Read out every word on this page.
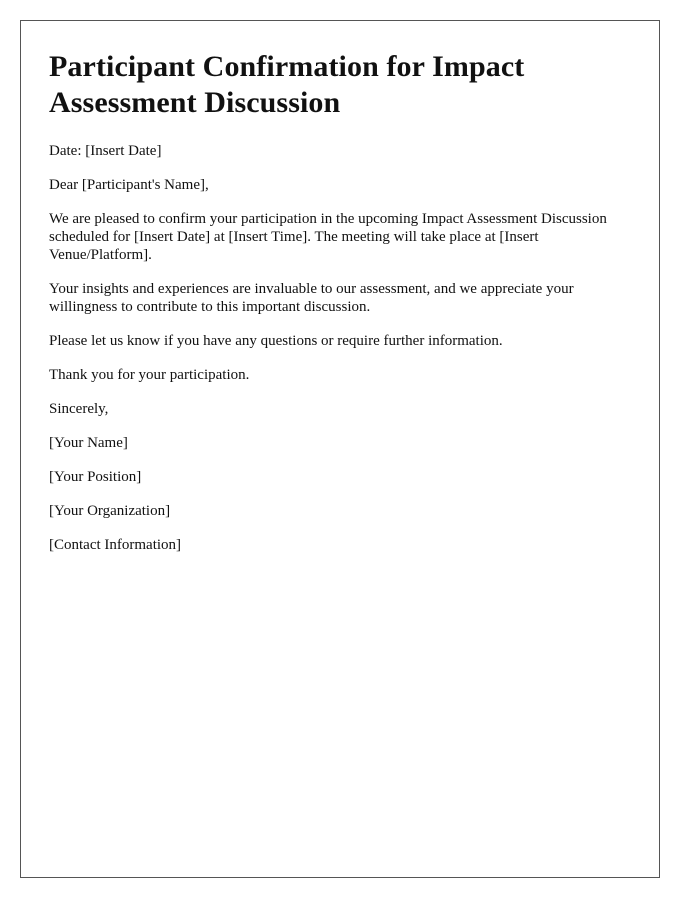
Participant Confirmation for Impact Assessment Discussion

Date: [Insert Date]

Dear [Participant's Name],

We are pleased to confirm your participation in the upcoming Impact Assessment Discussion scheduled for [Insert Date] at [Insert Time]. The meeting will take place at [Insert Venue/Platform].

Your insights and experiences are invaluable to our assessment, and we appreciate your willingness to contribute to this important discussion.

Please let us know if you have any questions or require further information.

Thank you for your participation.

Sincerely,

[Your Name]

[Your Position]

[Your Organization]

[Contact Information]
